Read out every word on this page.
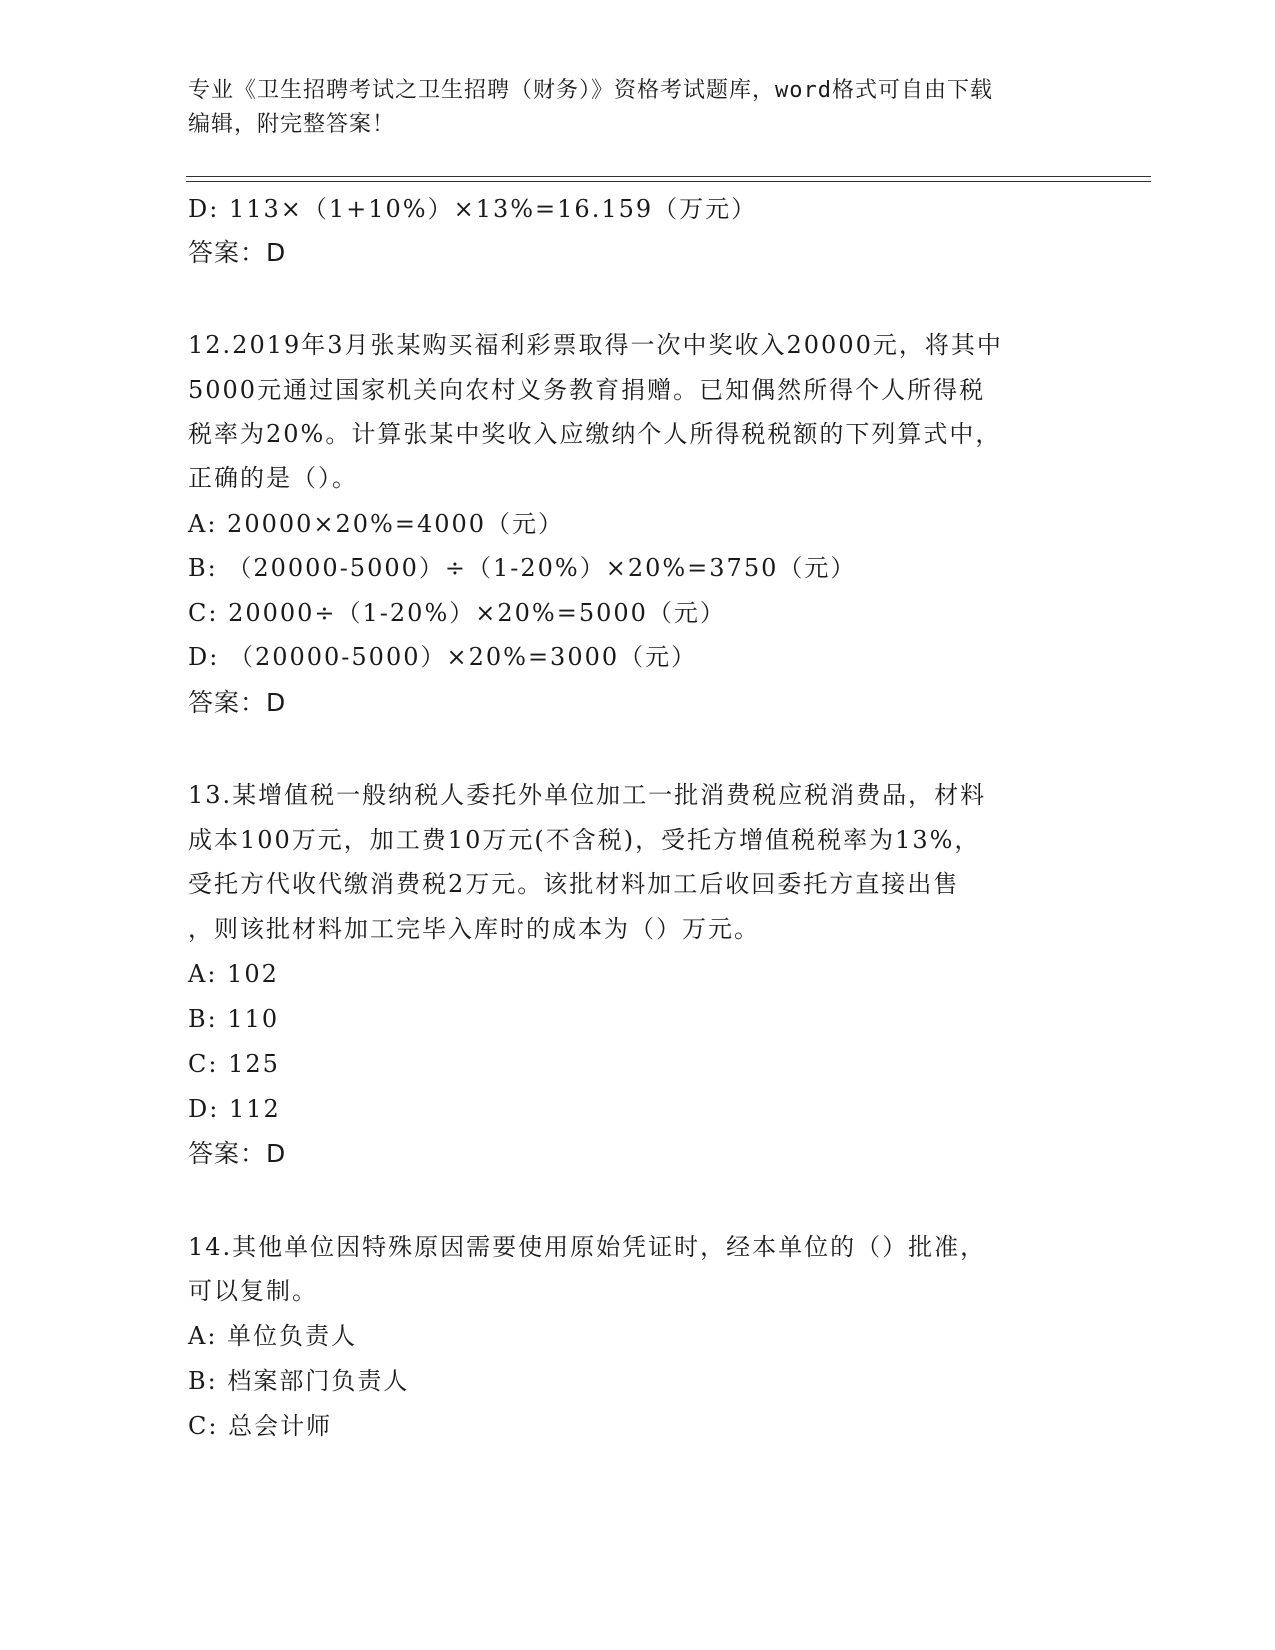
专业《卫生招聘考试之卫生招聘（财务）》资格考试题库，word格式可自由下载
编辑，附完整答案！
D: 113×（1+10%）×13%=16.159（万元）
答案：D
12.2019年3月张某购买福利彩票取得一次中奖收入20000元，将其中
5000元通过国家机关向农村义务教育捐赠。已知偶然所得个人所得税
税率为20%。计算张某中奖收入应缴纳个人所得税税额的下列算式中，
正确的是（）。
A: 20000×20%=4000（元）
B: （20000-5000）÷（1-20%）×20%=3750（元）
C: 20000÷（1-20%）×20%=5000（元）
D: （20000-5000）×20%=3000（元）
答案：D
13.某增值税一般纳税人委托外单位加工一批消费税应税消费品，材料
成本100万元，加工费10万元(不含税)，受托方增值税税率为13%，
受托方代收代缴消费税2万元。该批材料加工后收回委托方直接出售
，则该批材料加工完毕入库时的成本为（）万元。
A: 102
B: 110
C: 125
D: 112
答案：D
14.其他单位因特殊原因需要使用原始凭证时，经本单位的（）批准，
可以复制。
A: 单位负责人
B: 档案部门负责人
C: 总会计师
